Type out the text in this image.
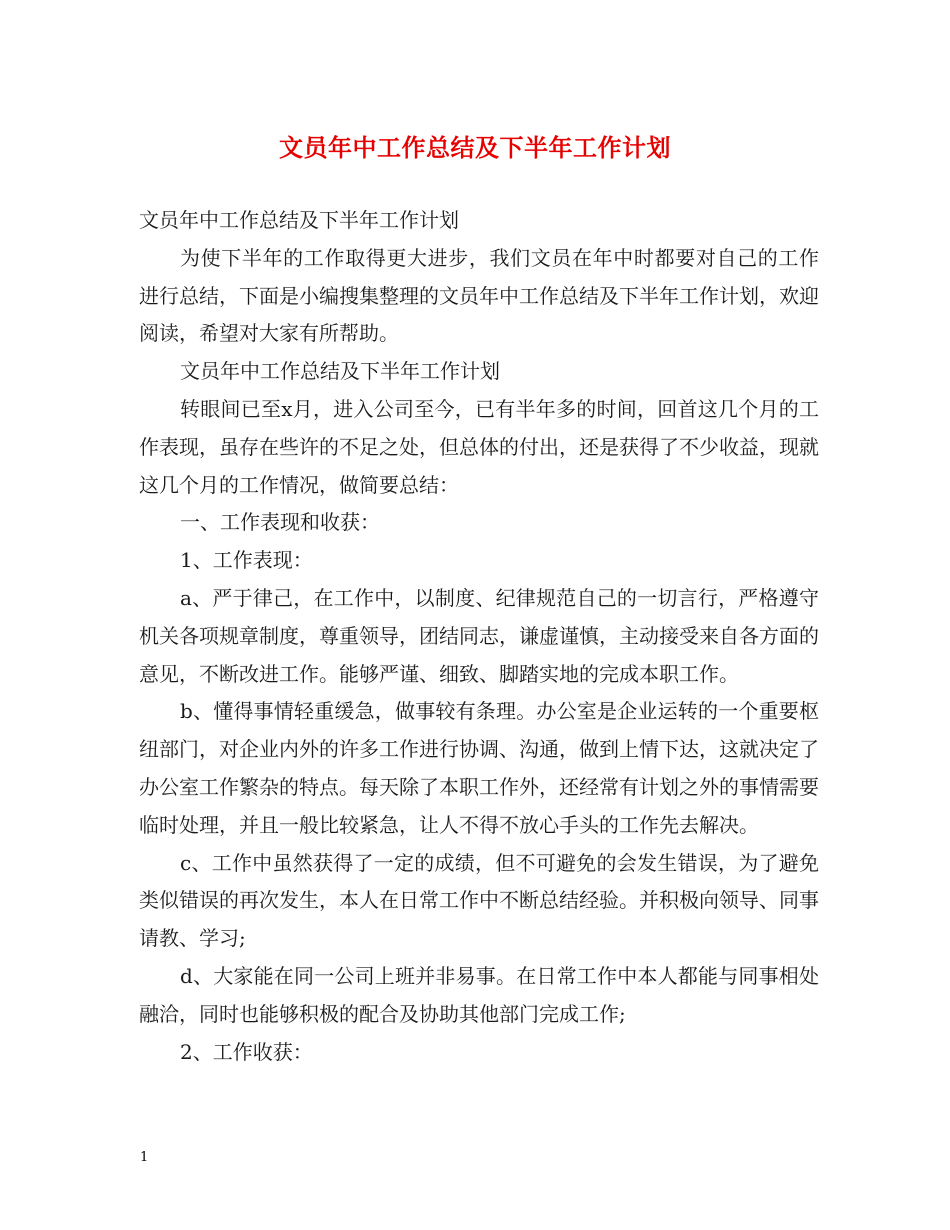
文员年中工作总结及下半年工作计划

文员年中工作总结及下半年工作计划

为使下半年的工作取得更大进步，我们文员在年中时都要对自己的工作进行总结，下面是小编搜集整理的文员年中工作总结及下半年工作计划，欢迎阅读，希望对大家有所帮助。

文员年中工作总结及下半年工作计划

转眼间已至x月，进入公司至今，已有半年多的时间，回首这几个月的工作表现，虽存在些许的不足之处，但总体的付出，还是获得了不少收益，现就这几个月的工作情况，做简要总结：

一、工作表现和收获：

1、工作表现：

a、严于律己，在工作中，以制度、纪律规范自己的一切言行，严格遵守机关各项规章制度，尊重领导，团结同志，谦虚谨慎，主动接受来自各方面的意见，不断改进工作。能够严谨、细致、脚踏实地的完成本职工作。

b、懂得事情轻重缓急，做事较有条理。办公室是企业运转的一个重要枢纽部门，对企业内外的许多工作进行协调、沟通，做到上情下达，这就决定了办公室工作繁杂的特点。每天除了本职工作外，还经常有计划之外的事情需要临时处理，并且一般比较紧急，让人不得不放心手头的工作先去解决。

c、工作中虽然获得了一定的成绩，但不可避免的会发生错误，为了避免类似错误的再次发生，本人在日常工作中不断总结经验。并积极向领导、同事请教、学习;

d、大家能在同一公司上班并非易事。在日常工作中本人都能与同事相处融洽，同时也能够积极的配合及协助其他部门完成工作;

2、工作收获：

1
